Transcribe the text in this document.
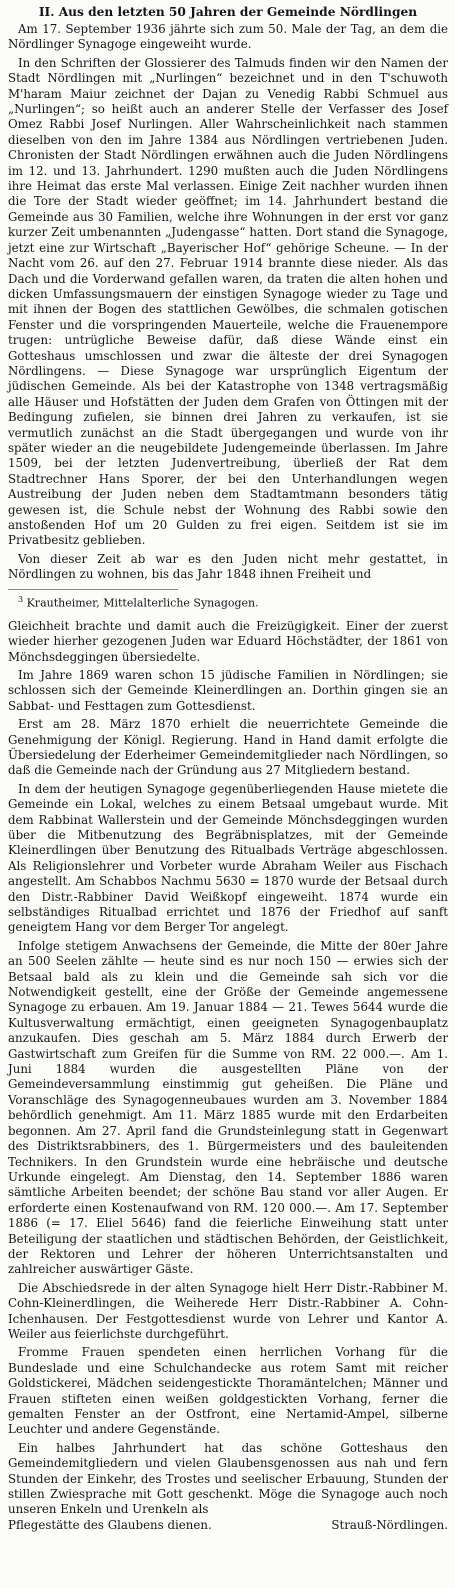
II. Aus den letzten 50 Jahren der Gemeinde Nördlingen

Am 17. September 1936 jährte sich zum 50. Male der Tag, an dem die Nördlinger Synagoge eingeweiht wurde.

In den Schriften der Glossierer des Talmuds finden wir den Namen der Stadt Nördlingen mit „Nurlingen“ bezeichnet und in den T'schuwoth M'haram Maiur zeichnet der Dajan zu Venedig Rabbi Schmuel aus „Nurlingen“; so heißt auch an anderer Stelle der Verfasser des Josef Omez Rabbi Josef Nurlingen. Aller Wahrscheinlichkeit nach stammen dieselben von den im Jahre 1384 aus Nördlingen vertriebenen Juden. Chronisten der Stadt Nördlingen erwähnen auch die Juden Nördlingens im 12. und 13. Jahrhundert. 1290 mußten auch die Juden Nördlingens ihre Heimat das erste Mal verlassen. Einige Zeit nachher wurden ihnen die Tore der Stadt wieder geöffnet; im 14. Jahrhundert bestand die Gemeinde aus 30 Familien, welche ihre Wohnungen in der erst vor ganz kurzer Zeit umbenannten „Judengasse“ hatten. Dort stand die Synagoge, jetzt eine zur Wirtschaft „Bayerischer Hof“ gehörige Scheune. — In der Nacht vom 26. auf den 27. Februar 1914 brannte diese nieder. Als das Dach und die Vorderwand gefallen waren, da traten die alten hohen und dicken Umfassungsmauern der einstigen Synagoge wieder zu Tage und mit ihnen der Bogen des stattlichen Gewölbes, die schmalen gotischen Fenster und die vorspringenden Mauerteile, welche die Frauenempore trugen: untrügliche Beweise dafür, daß diese Wände einst ein Gotteshaus umschlossen und zwar die älteste der drei Synagogen Nördlingens. — Diese Synagoge war ursprünglich Eigentum der jüdischen Gemeinde. Als bei der Katastrophe von 1348 vertragsmäßig alle Häuser und Hofstätten der Juden dem Grafen von Öttingen mit der Bedingung zufielen, sie binnen drei Jahren zu verkaufen, ist sie vermutlich zunächst an die Stadt übergegangen und wurde von ihr später wieder an die neugebildete Judengemeinde überlassen. Im Jahre 1509, bei der letzten Judenvertreibung, überließ der Rat dem Stadtrechner Hans Sporer, der bei den Unterhandlungen wegen Austreibung der Juden neben dem Stadtamtmann besonders tätig gewesen ist, die Schule nebst der Wohnung des Rabbi sowie den anstoßenden Hof um 20 Gulden zu frei eigen. Seitdem ist sie im Privatbesitz geblieben.

Von dieser Zeit ab war es den Juden nicht mehr gestattet, in Nördlingen zu wohnen, bis das Jahr 1848 ihnen Freiheit und

$^3$ Krautheimer, Mittelalterliche Synagogen.

Gleichheit brachte und damit auch die Freizügigkeit. Einer der zuerst wieder hierher gezogenen Juden war Eduard Höchstädter, der 1861 von Mönchsdeggingen übersiedelte.

Im Jahre 1869 waren schon 15 jüdische Familien in Nördlingen; sie schlossen sich der Gemeinde Kleinerdlingen an. Dorthin gingen sie an Sabbat- und Festtagen zum Gottesdienst.

Erst am 28. März 1870 erhielt die neuerrichtete Gemeinde die Genehmigung der Königl. Regierung. Hand in Hand damit erfolgte die Übersiedelung der Ederheimer Gemeindemitglieder nach Nördlingen, so daß die Gemeinde nach der Gründung aus 27 Mitgliedern bestand.

In dem der heutigen Synagoge gegenüberliegenden Hause mietete die Gemeinde ein Lokal, welches zu einem Betsaal umgebaut wurde. Mit dem Rabbinat Wallerstein und der Gemeinde Mönchsdeggingen wurden über die Mitbenutzung des Begräbnisplatzes, mit der Gemeinde Kleinerdlingen über Benutzung des Ritualbads Verträge abgeschlossen. Als Religionslehrer und Vorbeter wurde Abraham Weiler aus Fischach angestellt. Am Schabbos Nachmu 5630 = 1870 wurde der Betsaal durch den Distr.-Rabbiner David Weißkopf eingeweiht. 1874 wurde ein selbständiges Ritualbad errichtet und 1876 der Friedhof auf sanft geneigtem Hang vor dem Berger Tor angelegt.

Infolge stetigem Anwachsens der Gemeinde, die Mitte der 80er Jahre an 500 Seelen zählte — heute sind es nur noch 150 — erwies sich der Betsaal bald als zu klein und die Gemeinde sah sich vor die Notwendigkeit gestellt, eine der Größe der Gemeinde angemessene Synagoge zu erbauen. Am 19. Januar 1884 — 21. Tewes 5644 wurde die Kultusverwaltung ermächtigt, einen geeigneten Synagogenbauplatz anzukaufen. Dies geschah am 5. März 1884 durch Erwerb der Gastwirtschaft zum Greifen für die Summe von RM. 22 000.—. Am 1. Juni 1884 wurden die ausgestellten Pläne von der Gemeindeversammlung einstimmig gut geheißen. Die Pläne und Voranschläge des Synagogenneubaues wurden am 3. November 1884 behördlich genehmigt. Am 11. März 1885 wurde mit den Erdarbeiten begonnen. Am 27. April fand die Grundsteinlegung statt in Gegenwart des Distriktsrabbiners, des 1. Bürgermeisters und des bauleitenden Technikers. In den Grundstein wurde eine hebräische und deutsche Urkunde eingelegt. Am Dienstag, den 14. September 1886 waren sämtliche Arbeiten beendet; der schöne Bau stand vor aller Augen. Er erforderte einen Kostenaufwand von RM. 120 000.—. Am 17. September 1886 (= 17. Eliel 5646) fand die feierliche Einweihung statt unter Beteiligung der staatlichen und städtischen Behörden, der Geistlichkeit, der Rektoren und Lehrer der höheren Unterrichtsanstalten und zahlreicher auswärtiger Gäste.

Die Abschiedsrede in der alten Synagoge hielt Herr Distr.-Rabbiner M. Cohn-Kleinerdlingen, die Weiherede Herr Distr.-Rabbiner A. Cohn-Ichenhausen. Der Festgottesdienst wurde von Lehrer und Kantor A. Weiler aus feierlichste durchgeführt.

Fromme Frauen spendeten einen herrlichen Vorhang für die Bundeslade und eine Schulchandecke aus rotem Samt mit reicher Goldstickerei, Mädchen seidengestickte Thoramäntelchen; Männer und Frauen stifteten einen weißen goldgestickten Vorhang, ferner die gemalten Fenster an der Ostfront, eine Nertamid-Ampel, silberne Leuchter und andere Gegenstände.

Ein halbes Jahrhundert hat das schöne Gotteshaus den Gemeindemitgliedern und vielen Glaubensgenossen aus nah und fern Stunden der Einkehr, des Trostes und seelischer Erbauung, Stunden der stillen Zwiesprache mit Gott geschenkt. Möge die Synagoge auch noch unseren Enkeln und Urenkeln als

Pflegestätte des Glaubens dienen.	Strauß-Nördlingen.
